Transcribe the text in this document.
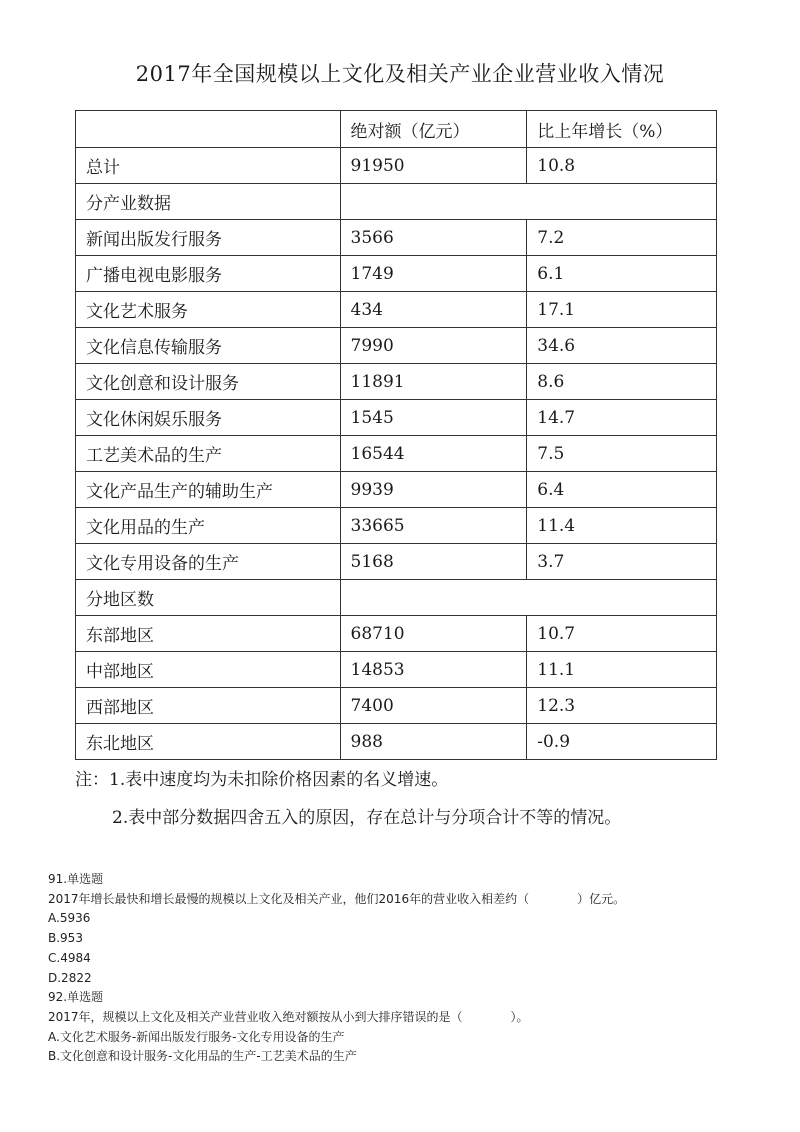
2017年全国规模以上文化及相关产业企业营业收入情况
	绝对额（亿元）	比上年增长（%）
总计	91950	10.8
分产业数据		
新闻出版发行服务	3566	7.2
广播电视电影服务	1749	6.1
文化艺术服务	434	17.1
文化信息传输服务	7990	34.6
文化创意和设计服务	11891	8.6
文化休闲娱乐服务	1545	14.7
工艺美术品的生产	16544	7.5
文化产品生产的辅助生产	9939	6.4
文化用品的生产	33665	11.4
文化专用设备的生产	5168	3.7
分地区数		
东部地区	68710	10.7
中部地区	14853	11.1
西部地区	7400	12.3
东北地区	988	-0.9
注：1.表中速度均为未扣除价格因素的名义增速。
2.表中部分数据四舍五入的原因，存在总计与分项合计不等的情况。
91.单选题
2017年增长最快和增长最慢的规模以上文化及相关产业，他们2016年的营业收入相差约（	）亿元。
A.5936
B.953
C.4984
D.2822
92.单选题
2017年，规模以上文化及相关产业营业收入绝对额按从小到大排序错误的是（	）。
A.文化艺术服务-新闻出版发行服务-文化专用设备的生产
B.文化创意和设计服务-文化用品的生产-工艺美术品的生产
